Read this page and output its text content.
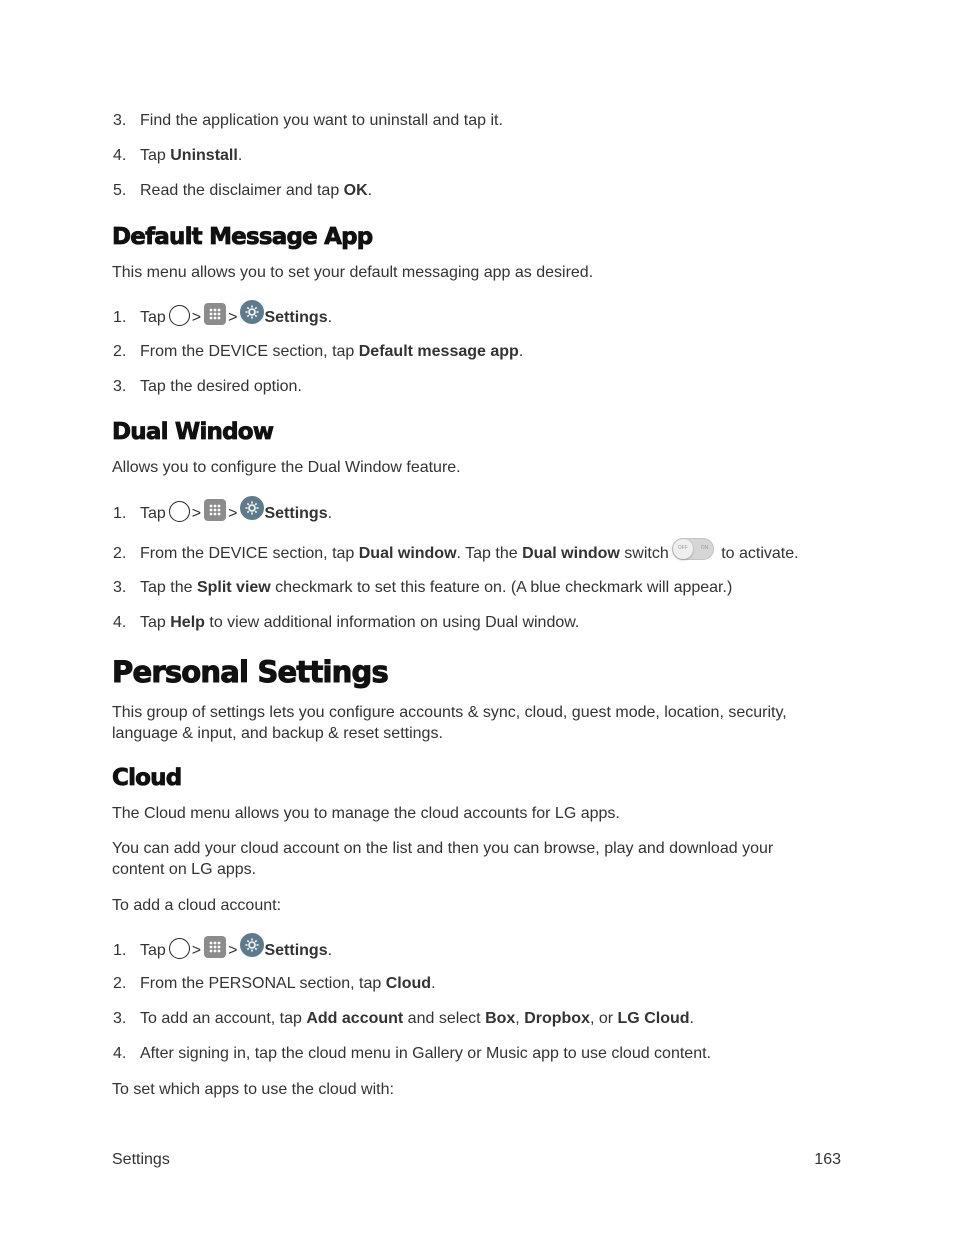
3. Find the application you want to uninstall and tap it.
4. Tap Uninstall.
5. Read the disclaimer and tap OK.
Default Message App
This menu allows you to set your default messaging app as desired.
1. Tap > > Settings.
2. From the DEVICE section, tap Default message app.
3. Tap the desired option.
Dual Window
Allows you to configure the Dual Window feature.
1. Tap > > Settings.
2. From the DEVICE section, tap Dual window. Tap the Dual window switch OFF	ON to activate.
3. Tap the Split view checkmark to set this feature on. (A blue checkmark will appear.)
4. Tap Help to view additional information on using Dual window.
Personal Settings
This group of settings lets you configure accounts & sync, cloud, guest mode, location, security, language & input, and backup & reset settings.
Cloud
The Cloud menu allows you to manage the cloud accounts for LG apps.
You can add your cloud account on the list and then you can browse, play and download your content on LG apps.
To add a cloud account:
1. Tap > > Settings.
2. From the PERSONAL section, tap Cloud.
3. To add an account, tap Add account and select Box, Dropbox, or LG Cloud.
4. After signing in, tap the cloud menu in Gallery or Music app to use cloud content.
To set which apps to use the cloud with:
Settings	163
